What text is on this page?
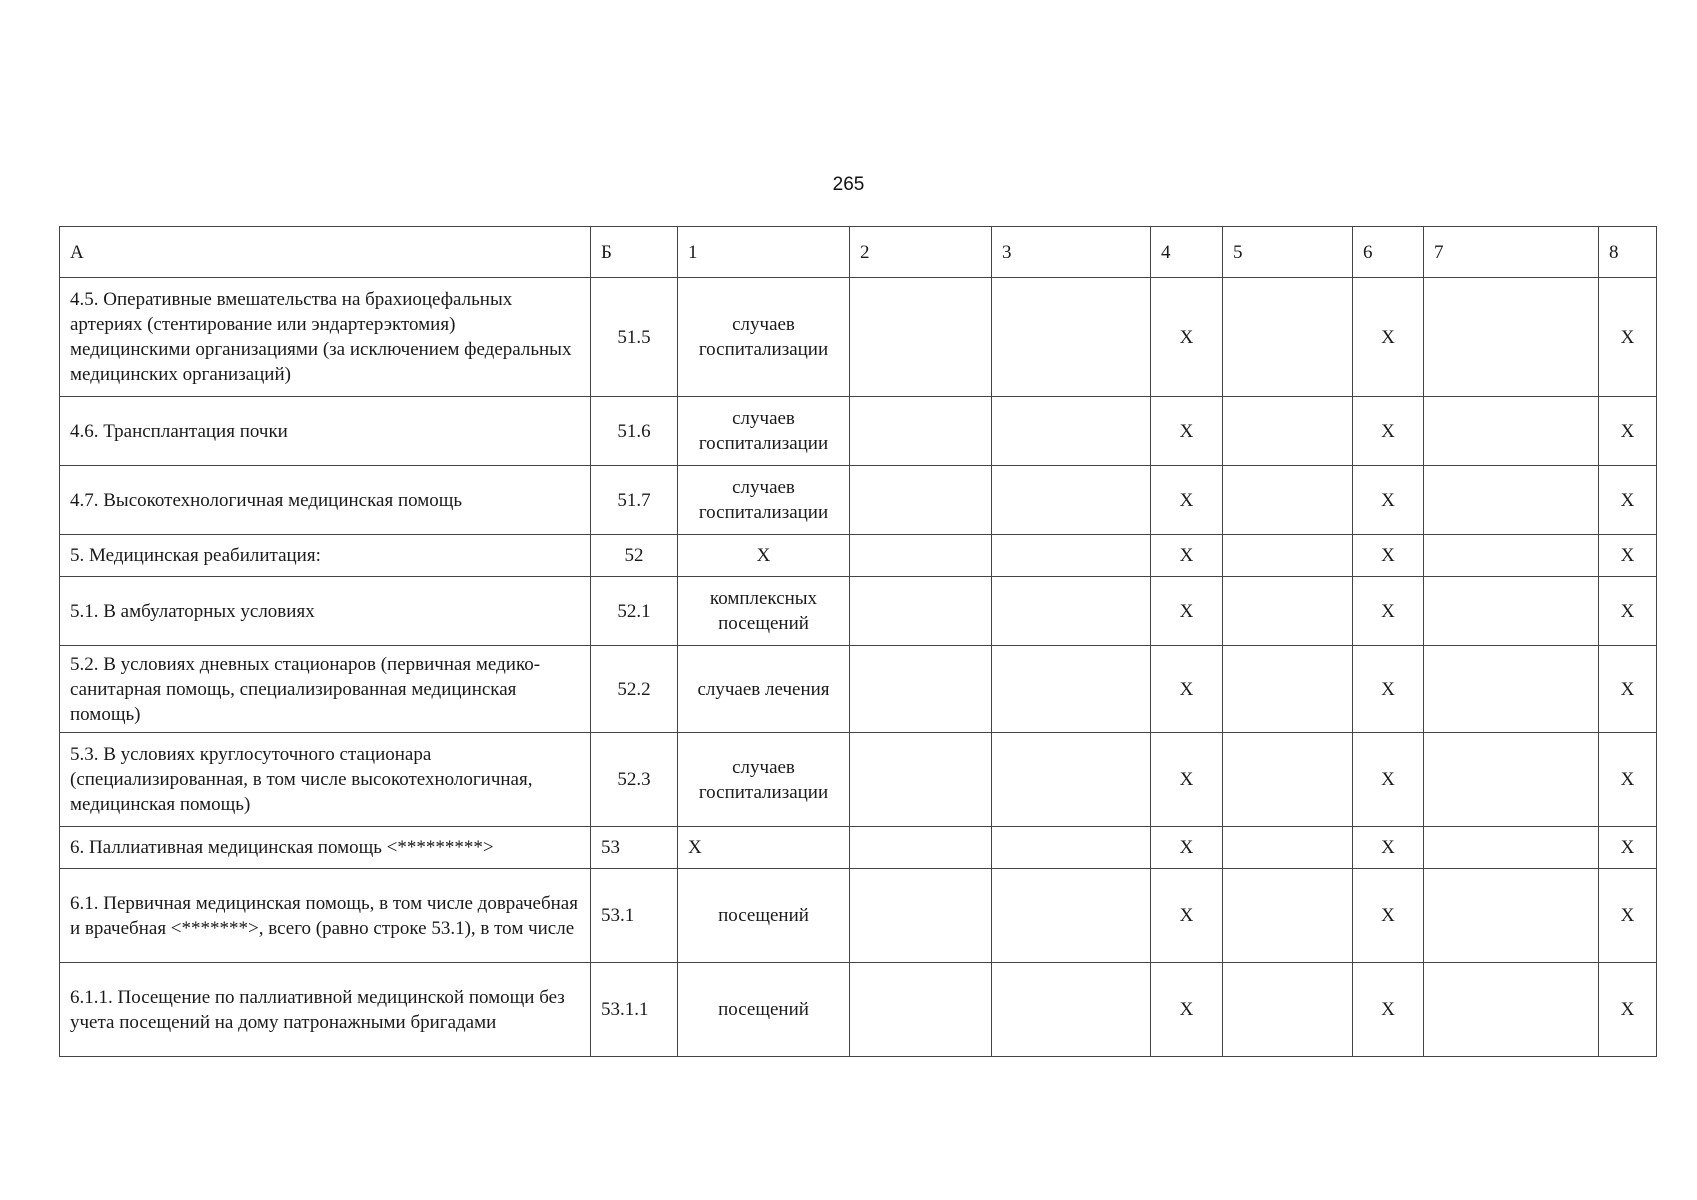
265
А	Б	1	2	3	4	5	6	7	8
4.5. Оперативные вмешательства на брахиоцефальных артериях (стентирование или эндартерэктомия) медицинскими организациями (за исключением федеральных медицинских организаций)	51.5	случаев госпитализации			Х		Х		Х
4.6. Трансплантация почки	51.6	случаев госпитализации			Х		Х		Х
4.7. Высокотехнологичная медицинская помощь	51.7	случаев госпитализации			Х		Х		Х
5. Медицинская реабилитация:	52	Х			Х		Х		Х
5.1. В амбулаторных условиях	52.1	комплексных посещений			Х		Х		Х
5.2. В условиях дневных стационаров (первичная медико-санитарная помощь, специализированная медицинская помощь)	52.2	случаев лечения			Х		Х		Х
5.3. В условиях круглосуточного стационара (специализированная, в том числе высокотехнологичная, медицинская помощь)	52.3	случаев госпитализации			Х		Х		Х
6. Паллиативная медицинская помощь <*********>	53	Х			Х		Х		Х
6.1. Первичная медицинская помощь, в том числе доврачебная и врачебная <*******>, всего (равно строке 53.1), в том числе	53.1	посещений			Х		Х		Х
6.1.1. Посещение по паллиативной медицинской помощи без учета посещений на дому патронажными бригадами	53.1.1	посещений			Х		Х		Х
